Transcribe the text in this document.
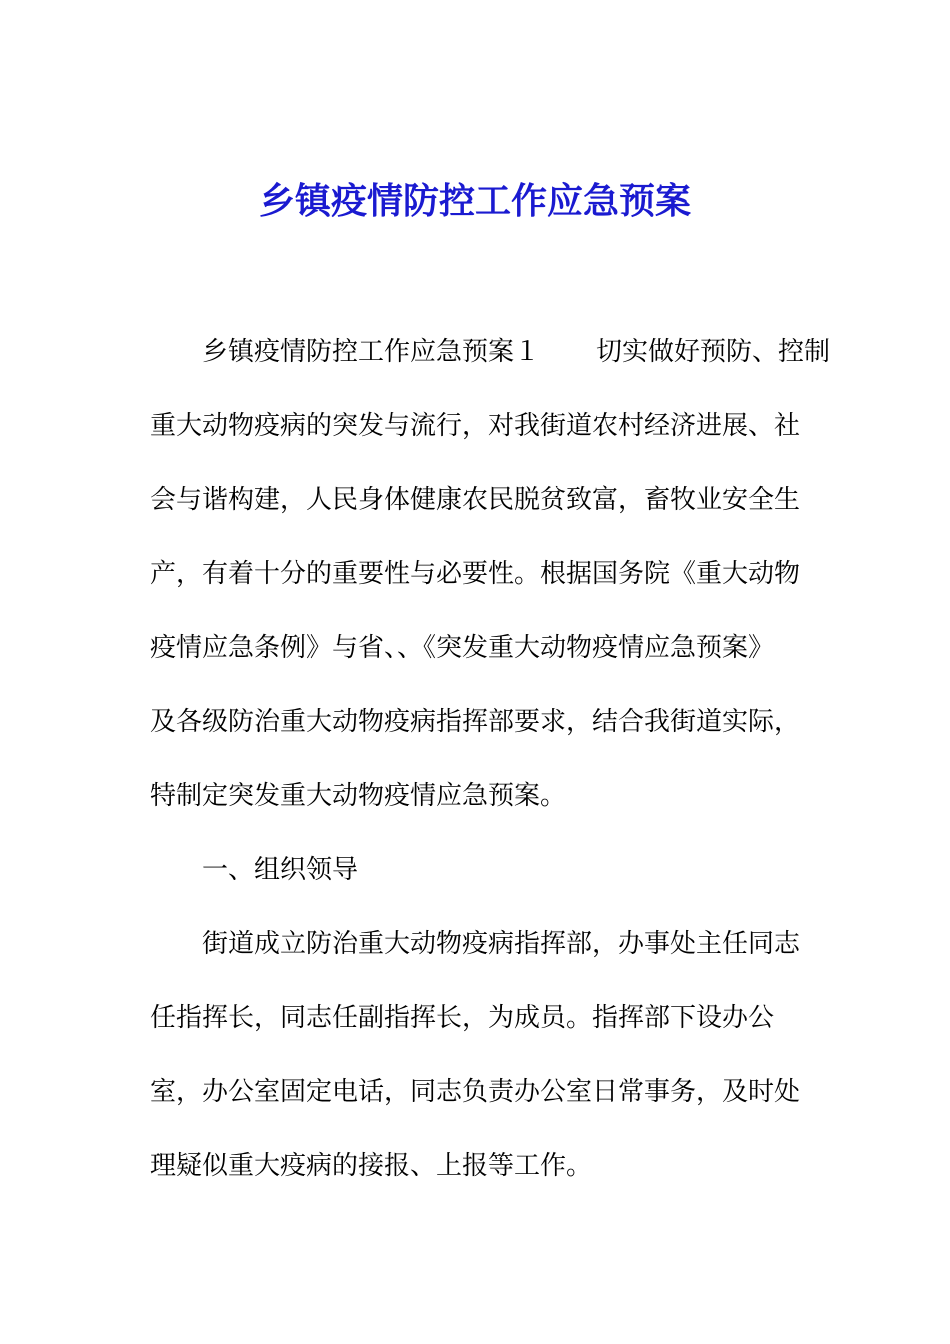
乡镇疫情防控工作应急预案
乡镇疫情防控工作应急预案１ 切实做好预防、控制
重大动物疫病的突发与流行，对我街道农村经济进展、社
会与谐构建，人民身体健康农民脱贫致富，畜牧业安全生
产，有着十分的重要性与必要性。根据国务院《重大动物
疫情应急条例》与省、、《突发重大动物疫情应急预案》
及各级防治重大动物疫病指挥部要求，结合我街道实际，
特制定突发重大动物疫情应急预案。
一、组织领导
街道成立防治重大动物疫病指挥部，办事处主任同志
任指挥长，同志任副指挥长，为成员。指挥部下设办公
室，办公室固定电话，同志负责办公室日常事务，及时处
理疑似重大疫病的接报、上报等工作。
